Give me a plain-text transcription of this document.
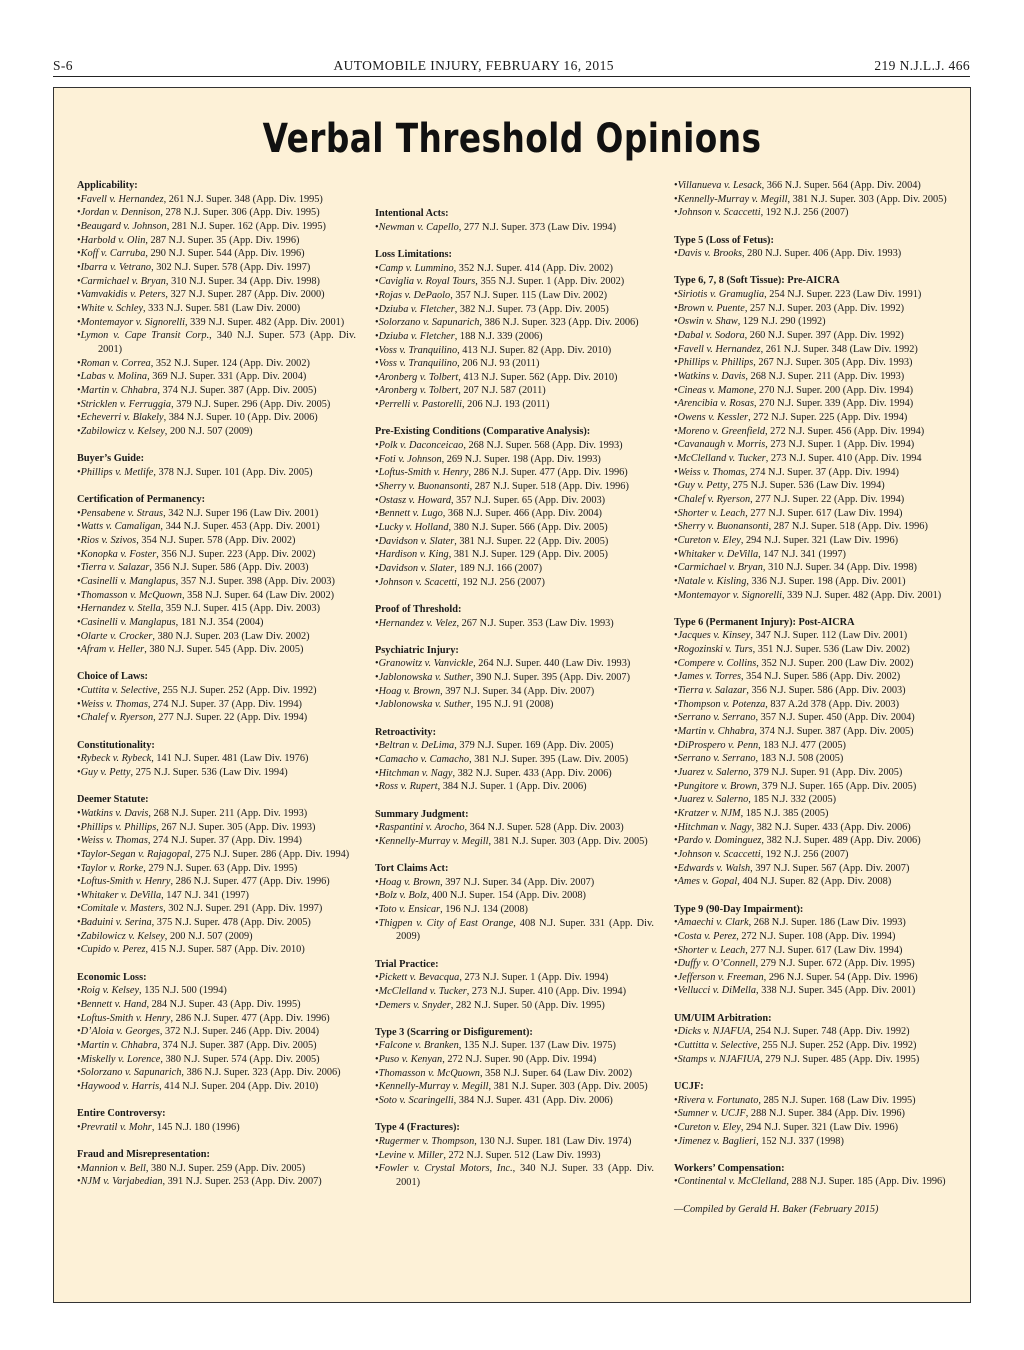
S-6	AUTOMOBILE INJURY, FEBRUARY 16, 2015	219 N.J.L.J. 466
Verbal Threshold Opinions
Applicability:
•Favell v. Hernandez, 261 N.J. Super. 348 (App. Div. 1995)
•Jordan v. Dennison, 278 N.J. Super. 306 (App. Div. 1995)
•Beaugard v. Johnson, 281 N.J. Super. 162 (App. Div. 1995)
•Harbold v. Olin, 287 N.J. Super. 35 (App. Div. 1996)
•Koff v. Carruba, 290 N.J. Super. 544 (App. Div. 1996)
•Ibarra v. Vetrano, 302 N.J. Super. 578 (App. Div. 1997)
•Carmichael v. Bryan, 310 N.J. Super. 34 (App. Div. 1998)
•Vamvakidis v. Peters, 327 N.J. Super. 287 (App. Div. 2000)
•White v. Schley, 333 N.J. Super. 581 (Law Div. 2000)
•Montemayor v. Signorelli, 339 N.J. Super. 482 (App. Div. 2001)
•Lymon v. Cape Transit Corp., 340 N.J. Super. 573 (App. Div. 2001)
•Roman v. Correa, 352 N.J. Super. 124 (App. Div. 2002)
•Labas v. Molina, 369 N.J. Super. 331 (App. Div. 2004)
•Martin v. Chhabra, 374 N.J. Super. 387 (App. Div. 2005)
•Stricklen v. Ferruggia, 379 N.J. Super. 296 (App. Div. 2005)
•Echeverri v. Blakely, 384 N.J. Super. 10 (App. Div. 2006)
•Zabilowicz v. Kelsey, 200 N.J. 507 (2009)
Buyer’s Guide:
•Phillips v. Metlife, 378 N.J. Super. 101 (App. Div. 2005)
Certification of Permanency:
•Pensabene v. Straus, 342 N.J. Super 196 (Law Div. 2001)
•Watts v. Camaligan, 344 N.J. Super. 453 (App. Div. 2001)
•Rios v. Szivos, 354 N.J. Super. 578 (App. Div. 2002)
•Konopka v. Foster, 356 N.J. Super. 223 (App. Div. 2002)
•Tierra v. Salazar, 356 N.J. Super. 586 (App. Div. 2003)
•Casinelli v. Manglapus, 357 N.J. Super. 398 (App. Div. 2003)
•Thomasson v. McQuown, 358 N.J. Super. 64 (Law Div. 2002)
•Hernandez v. Stella, 359 N.J. Super. 415 (App. Div. 2003)
•Casinelli v. Manglapus, 181 N.J. 354 (2004)
•Olarte v. Crocker, 380 N.J. Super. 203 (Law Div. 2002)
•Afram v. Heller, 380 N.J. Super. 545 (App. Div. 2005)
Choice of Laws:
•Cuttita v. Selective, 255 N.J. Super. 252 (App. Div. 1992)
•Weiss v. Thomas, 274 N.J. Super. 37 (App. Div. 1994)
•Chalef v. Ryerson, 277 N.J. Super. 22 (App. Div. 1994)
Constitutionality:
•Rybeck v. Rybeck, 141 N.J. Super. 481 (Law Div. 1976)
•Guy v. Petty, 275 N.J. Super. 536 (Law Div. 1994)
Deemer Statute:
•Watkins v. Davis, 268 N.J. Super. 211 (App. Div. 1993)
•Phillips v. Phillips, 267 N.J. Super. 305 (App. Div. 1993)
•Weiss v. Thomas, 274 N.J. Super. 37 (App. Div. 1994)
•Taylor-Segan v. Rajagopal, 275 N.J. Super. 286 (App. Div. 1994)
•Taylor v. Rorke, 279 N.J. Super. 63 (App. Div. 1995)
•Loftus-Smith v. Henry, 286 N.J. Super. 477 (App. Div. 1996)
•Whitaker v. DeVilla, 147 N.J. 341 (1997)
•Comitale v. Masters, 302 N.J. Super. 291 (App. Div. 1997)
•Baduini v. Serina, 375 N.J. Super. 478 (App. Div. 2005)
•Zabilowicz v. Kelsey, 200 N.J. 507 (2009)
•Cupido v. Perez, 415 N.J. Super. 587 (App. Div. 2010)
Economic Loss:
•Roig v. Kelsey, 135 N.J. 500 (1994)
•Bennett v. Hand, 284 N.J. Super. 43 (App. Div. 1995)
•Loftus-Smith v. Henry, 286 N.J. Super. 477 (App. Div. 1996)
•D’Aloia v. Georges, 372 N.J. Super. 246 (App. Div. 2004)
•Martin v. Chhabra, 374 N.J. Super. 387 (App. Div. 2005)
•Miskelly v. Lorence, 380 N.J. Super. 574 (App. Div. 2005)
•Solorzano v. Sapunarich, 386 N.J. Super. 323 (App. Div. 2006)
•Haywood v. Harris, 414 N.J. Super. 204 (App. Div. 2010)
Entire Controversy:
•Prevratil v. Mohr, 145 N.J. 180 (1996)
Fraud and Misrepresentation:
•Mannion v. Bell, 380 N.J. Super. 259 (App. Div. 2005)
•NJM v. Varjabedian, 391 N.J. Super. 253 (App. Div. 2007)
Intentional Acts:
•Newman v. Capello, 277 N.J. Super. 373 (Law Div. 1994)
Loss Limitations:
•Camp v. Lummino, 352 N.J. Super. 414 (App. Div. 2002)
•Caviglia v. Royal Tours, 355 N.J. Super. 1 (App. Div. 2002)
•Rojas v. DePaolo, 357 N.J. Super. 115 (Law Div. 2002)
•Dziuba v. Fletcher, 382 N.J. Super. 73 (App. Div. 2005)
•Solorzano v. Sapunarich, 386 N.J. Super. 323 (App. Div. 2006)
•Dziuba v. Fletcher, 188 N.J. 339 (2006)
•Voss v. Tranquilino, 413 N.J. Super. 82 (App. Div. 2010)
•Voss v. Tranquilino, 206 N.J. 93 (2011)
•Aronberg v. Tolbert, 413 N.J. Super. 562 (App. Div. 2010)
•Aronberg v. Tolbert, 207 N.J. 587 (2011)
•Perrelli v. Pastorelli, 206 N.J. 193 (2011)
Pre-Existing Conditions (Comparative Analysis):
•Polk v. Daconceicao, 268 N.J. Super. 568 (App. Div. 1993)
•Foti v. Johnson, 269 N.J. Super. 198 (App. Div. 1993)
•Loftus-Smith v. Henry, 286 N.J. Super. 477 (App. Div. 1996)
•Sherry v. Buonansonti, 287 N.J. Super. 518 (App. Div. 1996)
•Ostasz v. Howard, 357 N.J. Super. 65 (App. Div. 2003)
•Bennett v. Lugo, 368 N.J. Super. 466 (App. Div. 2004)
•Lucky v. Holland, 380 N.J. Super. 566 (App. Div. 2005)
•Davidson v. Slater, 381 N.J. Super. 22 (App. Div. 2005)
•Hardison v. King, 381 N.J. Super. 129 (App. Div. 2005)
•Davidson v. Slater, 189 N.J. 166 (2007)
•Johnson v. Scacetti, 192 N.J. 256 (2007)
Proof of Threshold:
•Hernandez v. Velez, 267 N.J. Super. 353 (Law Div. 1993)
Psychiatric Injury:
•Granowitz v. Vanvickle, 264 N.J. Super. 440 (Law Div. 1993)
•Jablonowska v. Suther, 390 N.J. Super. 395 (App. Div. 2007)
•Hoag v. Brown, 397 N.J. Super. 34 (App. Div. 2007)
•Jablonowska v. Suther, 195 N.J. 91 (2008)
Retroactivity:
•Beltran v. DeLima, 379 N.J. Super. 169 (App. Div. 2005)
•Camacho v. Camacho, 381 N.J. Super. 395 (Law. Div. 2005)
•Hitchman v. Nagy, 382 N.J. Super. 433 (App. Div. 2006)
•Ross v. Rupert, 384 N.J. Super. 1 (App. Div. 2006)
Summary Judgment:
•Raspantini v. Arocho, 364 N.J. Super. 528 (App. Div. 2003)
•Kennelly-Murray v. Megill, 381 N.J. Super. 303 (App. Div. 2005)
Tort Claims Act:
•Hoag v. Brown, 397 N.J. Super. 34 (App. Div. 2007)
•Bolz v. Bolz, 400 N.J. Super. 154 (App. Div. 2008)
•Toto v. Ensicar, 196 N.J. 134 (2008)
•Thigpen v. City of East Orange, 408 N.J. Super. 331 (App. Div. 2009)
Trial Practice:
•Pickett v. Bevacqua, 273 N.J. Super. 1 (App. Div. 1994)
•McClelland v. Tucker, 273 N.J. Super. 410 (App. Div. 1994)
•Demers v. Snyder, 282 N.J. Super. 50 (App. Div. 1995)
Type 3 (Scarring or Disfigurement):
•Falcone v. Branken, 135 N.J. Super. 137 (Law Div. 1975)
•Puso v. Kenyan, 272 N.J. Super. 90 (App. Div. 1994)
•Thomasson v. McQuown, 358 N.J. Super. 64 (Law Div. 2002)
•Kennelly-Murray v. Megill, 381 N.J. Super. 303 (App. Div. 2005)
•Soto v. Scaringelli, 384 N.J. Super. 431 (App. Div. 2006)
Type 4 (Fractures):
•Rugermer v. Thompson, 130 N.J. Super. 181 (Law Div. 1974)
•Levine v. Miller, 272 N.J. Super. 512 (Law Div. 1993)
•Fowler v. Crystal Motors, Inc., 340 N.J. Super. 33 (App. Div. 2001)
•Villanueva v. Lesack, 366 N.J. Super. 564 (App. Div. 2004)
•Kennelly-Murray v. Megill, 381 N.J. Super. 303 (App. Div. 2005)
•Johnson v. Scaccetti, 192 N.J. 256 (2007)
Type 5 (Loss of Fetus):
•Davis v. Brooks, 280 N.J. Super. 406 (App. Div. 1993)
Type 6, 7, 8 (Soft Tissue): Pre-AICRA
•Siriotis v. Gramuglia, 254 N.J. Super. 223 (Law Div. 1991)
•Brown v. Puente, 257 N.J. Super. 203 (App. Div. 1992)
•Oswin v. Shaw, 129 N.J. 290 (1992)
•Dabal v. Sodora, 260 N.J. Super. 397 (App. Div. 1992)
•Favell v. Hernandez, 261 N.J. Super. 348 (Law Div. 1992)
•Phillips v. Phillips, 267 N.J. Super. 305 (App. Div. 1993)
•Watkins v. Davis, 268 N.J. Super. 211 (App. Div. 1993)
•Cineas v. Mamone, 270 N.J. Super. 200 (App. Div. 1994)
•Arencibia v. Rosas, 270 N.J. Super. 339 (App. Div. 1994)
•Owens v. Kessler, 272 N.J. Super. 225 (App. Div. 1994)
•Moreno v. Greenfield, 272 N.J. Super. 456 (App. Div. 1994)
•Cavanaugh v. Morris, 273 N.J. Super. 1 (App. Div. 1994)
•McClelland v. Tucker, 273 N.J. Super. 410 (App. Div. 1994
•Weiss v. Thomas, 274 N.J. Super. 37 (App. Div. 1994)
•Guy v. Petty, 275 N.J. Super. 536 (Law Div. 1994)
•Chalef v. Ryerson, 277 N.J. Super. 22 (App. Div. 1994)
•Shorter v. Leach, 277 N.J. Super. 617 (Law Div. 1994)
•Sherry v. Buonansonti, 287 N.J. Super. 518 (App. Div. 1996)
•Cureton v. Eley, 294 N.J. Super. 321 (Law Div. 1996)
•Whitaker v. DeVilla, 147 N.J. 341 (1997)
•Carmichael v. Bryan, 310 N.J. Super. 34 (App. Div. 1998)
•Natale v. Kisling, 336 N.J. Super. 198 (App. Div. 2001)
•Montemayor v. Signorelli, 339 N.J. Super. 482 (App. Div. 2001)
Type 6 (Permanent Injury): Post-AICRA
•Jacques v. Kinsey, 347 N.J. Super. 112 (Law Div. 2001)
•Rogozinski v. Turs, 351 N.J. Super. 536 (Law Div. 2002)
•Compere v. Collins, 352 N.J. Super. 200 (Law Div. 2002)
•James v. Torres, 354 N.J. Super. 586 (App. Div. 2002)
•Tierra v. Salazar, 356 N.J. Super. 586 (App. Div. 2003)
•Thompson v. Potenza, 837 A.2d 378 (App. Div. 2003)
•Serrano v. Serrano, 357 N.J. Super. 450 (App. Div. 2004)
•Martin v. Chhabra, 374 N.J. Super. 387 (App. Div. 2005)
•DiProspero v. Penn, 183 N.J. 477 (2005)
•Serrano v. Serrano, 183 N.J. 508 (2005)
•Juarez v. Salerno, 379 N.J. Super. 91 (App. Div. 2005)
•Pungitore v. Brown, 379 N.J. Super. 165 (App. Div. 2005)
•Juarez v. Salerno, 185 N.J. 332 (2005)
•Kratzer v. NJM, 185 N.J. 385 (2005)
•Hitchman v. Nagy, 382 N.J. Super. 433 (App. Div. 2006)
•Pardo v. Dominguez, 382 N.J. Super. 489 (App. Div. 2006)
•Johnson v. Scaccetti, 192 N.J. 256 (2007)
•Edwards v. Walsh, 397 N.J. Super. 567 (App. Div. 2007)
•Ames v. Gopal, 404 N.J. Super. 82 (App. Div. 2008)
Type 9 (90-Day Impairment):
•Amaechi v. Clark, 268 N.J. Super. 186 (Law Div. 1993)
•Costa v. Perez, 272 N.J. Super. 108 (App. Div. 1994)
•Shorter v. Leach, 277 N.J. Super. 617 (Law Div. 1994)
•Duffy v. O’Connell, 279 N.J. Super. 672 (App. Div. 1995)
•Jefferson v. Freeman, 296 N.J. Super. 54 (App. Div. 1996)
•Vellucci v. DiMella, 338 N.J. Super. 345 (App. Div. 2001)
UM/UIM Arbitration:
•Dicks v. NJAFUA, 254 N.J. Super. 748 (App. Div. 1992)
•Cuttitta v. Selective, 255 N.J. Super. 252 (App. Div. 1992)
•Stamps v. NJAFIUA, 279 N.J. Super. 485 (App. Div. 1995)
UCJF:
•Rivera v. Fortunato, 285 N.J. Super. 168 (Law Div. 1995)
•Sumner v. UCJF, 288 N.J. Super. 384 (App. Div. 1996)
•Cureton v. Eley, 294 N.J. Super. 321 (Law Div. 1996)
•Jimenez v. Baglieri, 152 N.J. 337 (1998)
Workers’ Compensation:
•Continental v. McClelland, 288 N.J. Super. 185 (App. Div. 1996)
—Compiled by Gerald H. Baker (February 2015)
